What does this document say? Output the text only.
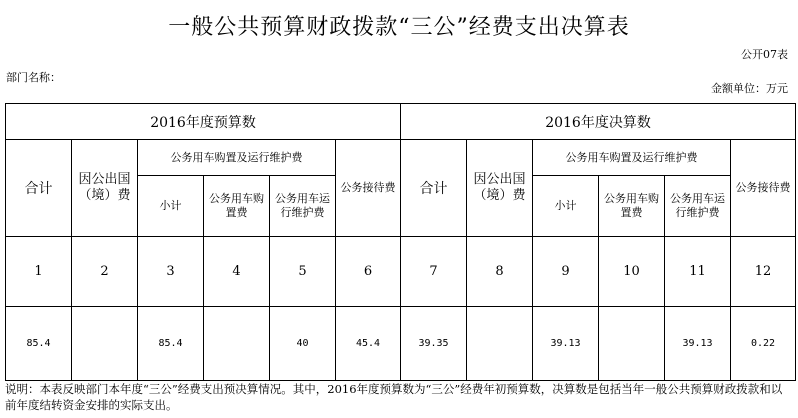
一般公共预算财政拨款“三公”经费支出决算表
公开07表
部门名称：
金额单位：万元
2016年度预算数						2016年度决算数					
合计	因公出国（境）费	公务用车购置及运行维护费			公务接待费	合计	因公出国（境）费	公务用车购置及运行维护费			公务接待费
		小计	公务用车购置费	公务用车运行维护费				小计	公务用车购置费	公务用车运行维护费	
1	2	3	4	5	6	7	8	9	10	11	12
85.4		85.4		40	45.4	39.35		39.13		39.13	0.22
说明：本表反映部门本年度“三公”经费支出预决算情况。其中，2016年度预算数为“三公”经费年初预算数，决算数是包括当年一般公共预算财政拨款和以前年度结转资金安排的实际支出。
